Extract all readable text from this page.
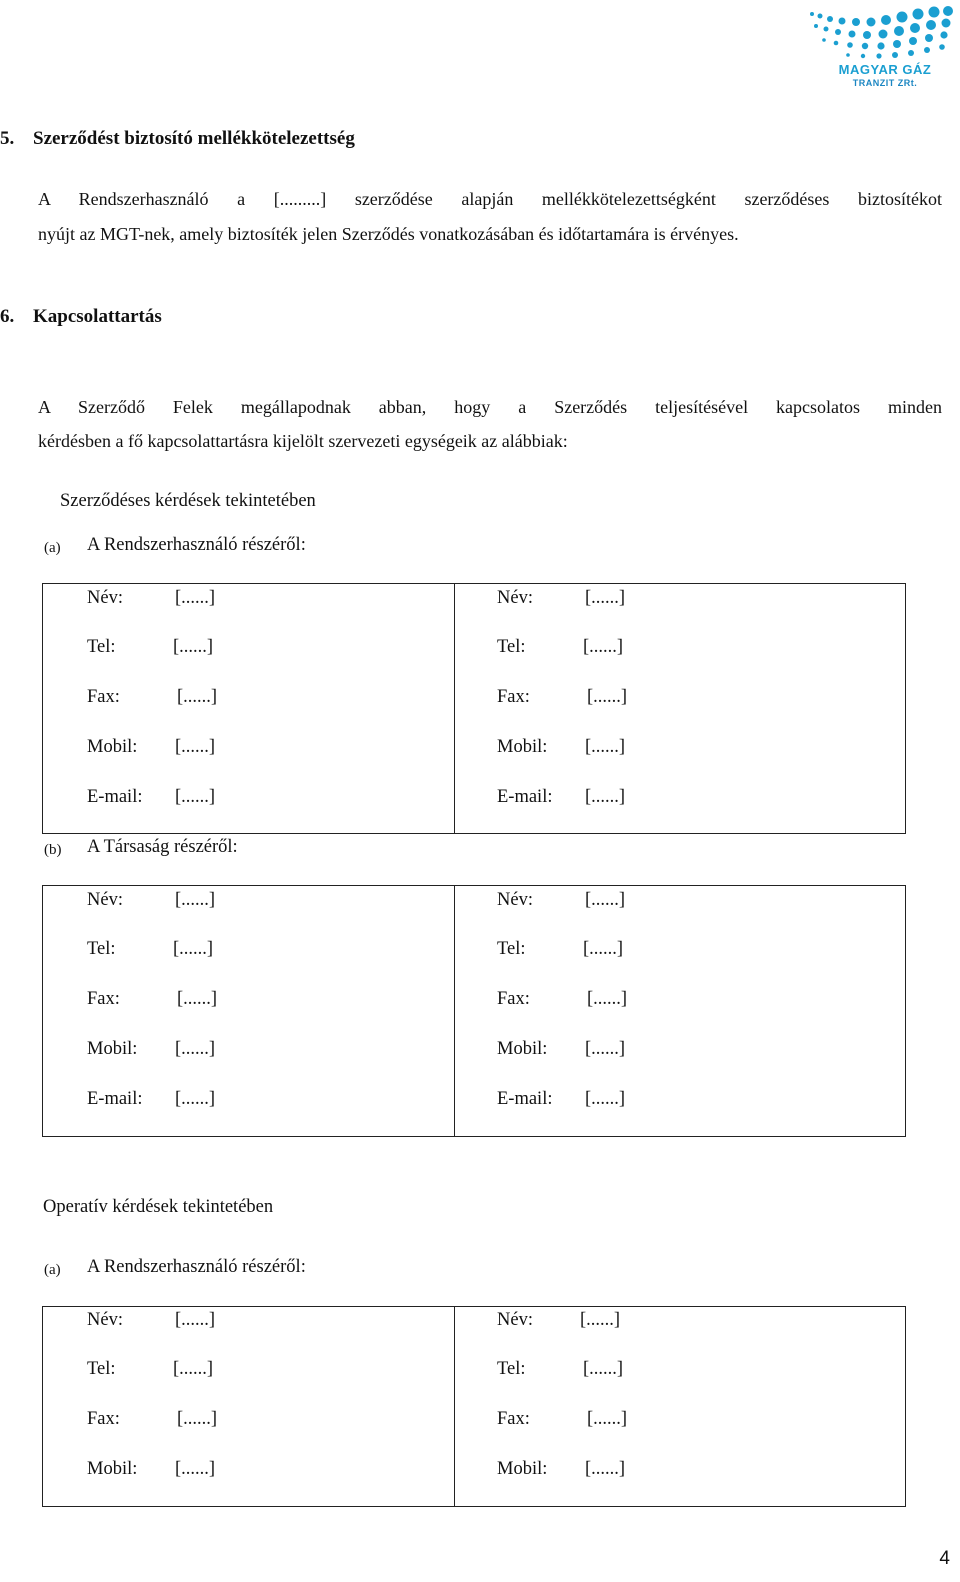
MAGYAR GÁZ
TRANZIT ZRt.
5. Szerződést biztosító mellékkötelezettség
A Rendszerhasználó a [.........] szerződése alapján mellékkötelezettségként szerződéses biztosítékot
nyújt az MGT-nek, amely biztosíték jelen Szerződés vonatkozásában és időtartamára is érvényes.
6. Kapcsolattartás
A Szerződő Felek megállapodnak abban, hogy a Szerződés teljesítésével kapcsolatos minden
kérdésben a fő kapcsolattartásra kijelölt szervezeti egységeik az alábbiak:
Szerződéses kérdések tekintetében
(a) A Rendszerhasználó részéről:
Név:	[......]
Tel:	[......]
Fax:	[......]
Mobil: [......]
E-mail: [......]
Név:	[......]
Tel:	[......]
Fax:	[......]
Mobil: [......]
E-mail: [......]
(b) A Társaság részéről:
Név:	[......]
Tel:	[......]
Fax:	[......]
Mobil: [......]
E-mail: [......]
Név:	[......]
Tel:	[......]
Fax:	[......]
Mobil: [......]
E-mail: [......]
Operatív kérdések tekintetében
(a) A Rendszerhasználó részéről:
Név:	[......]
Tel:	[......]
Fax:	[......]
Mobil: [......]
Név:	[......]
Tel:	[......]
Fax:	[......]
Mobil: [......]
4
